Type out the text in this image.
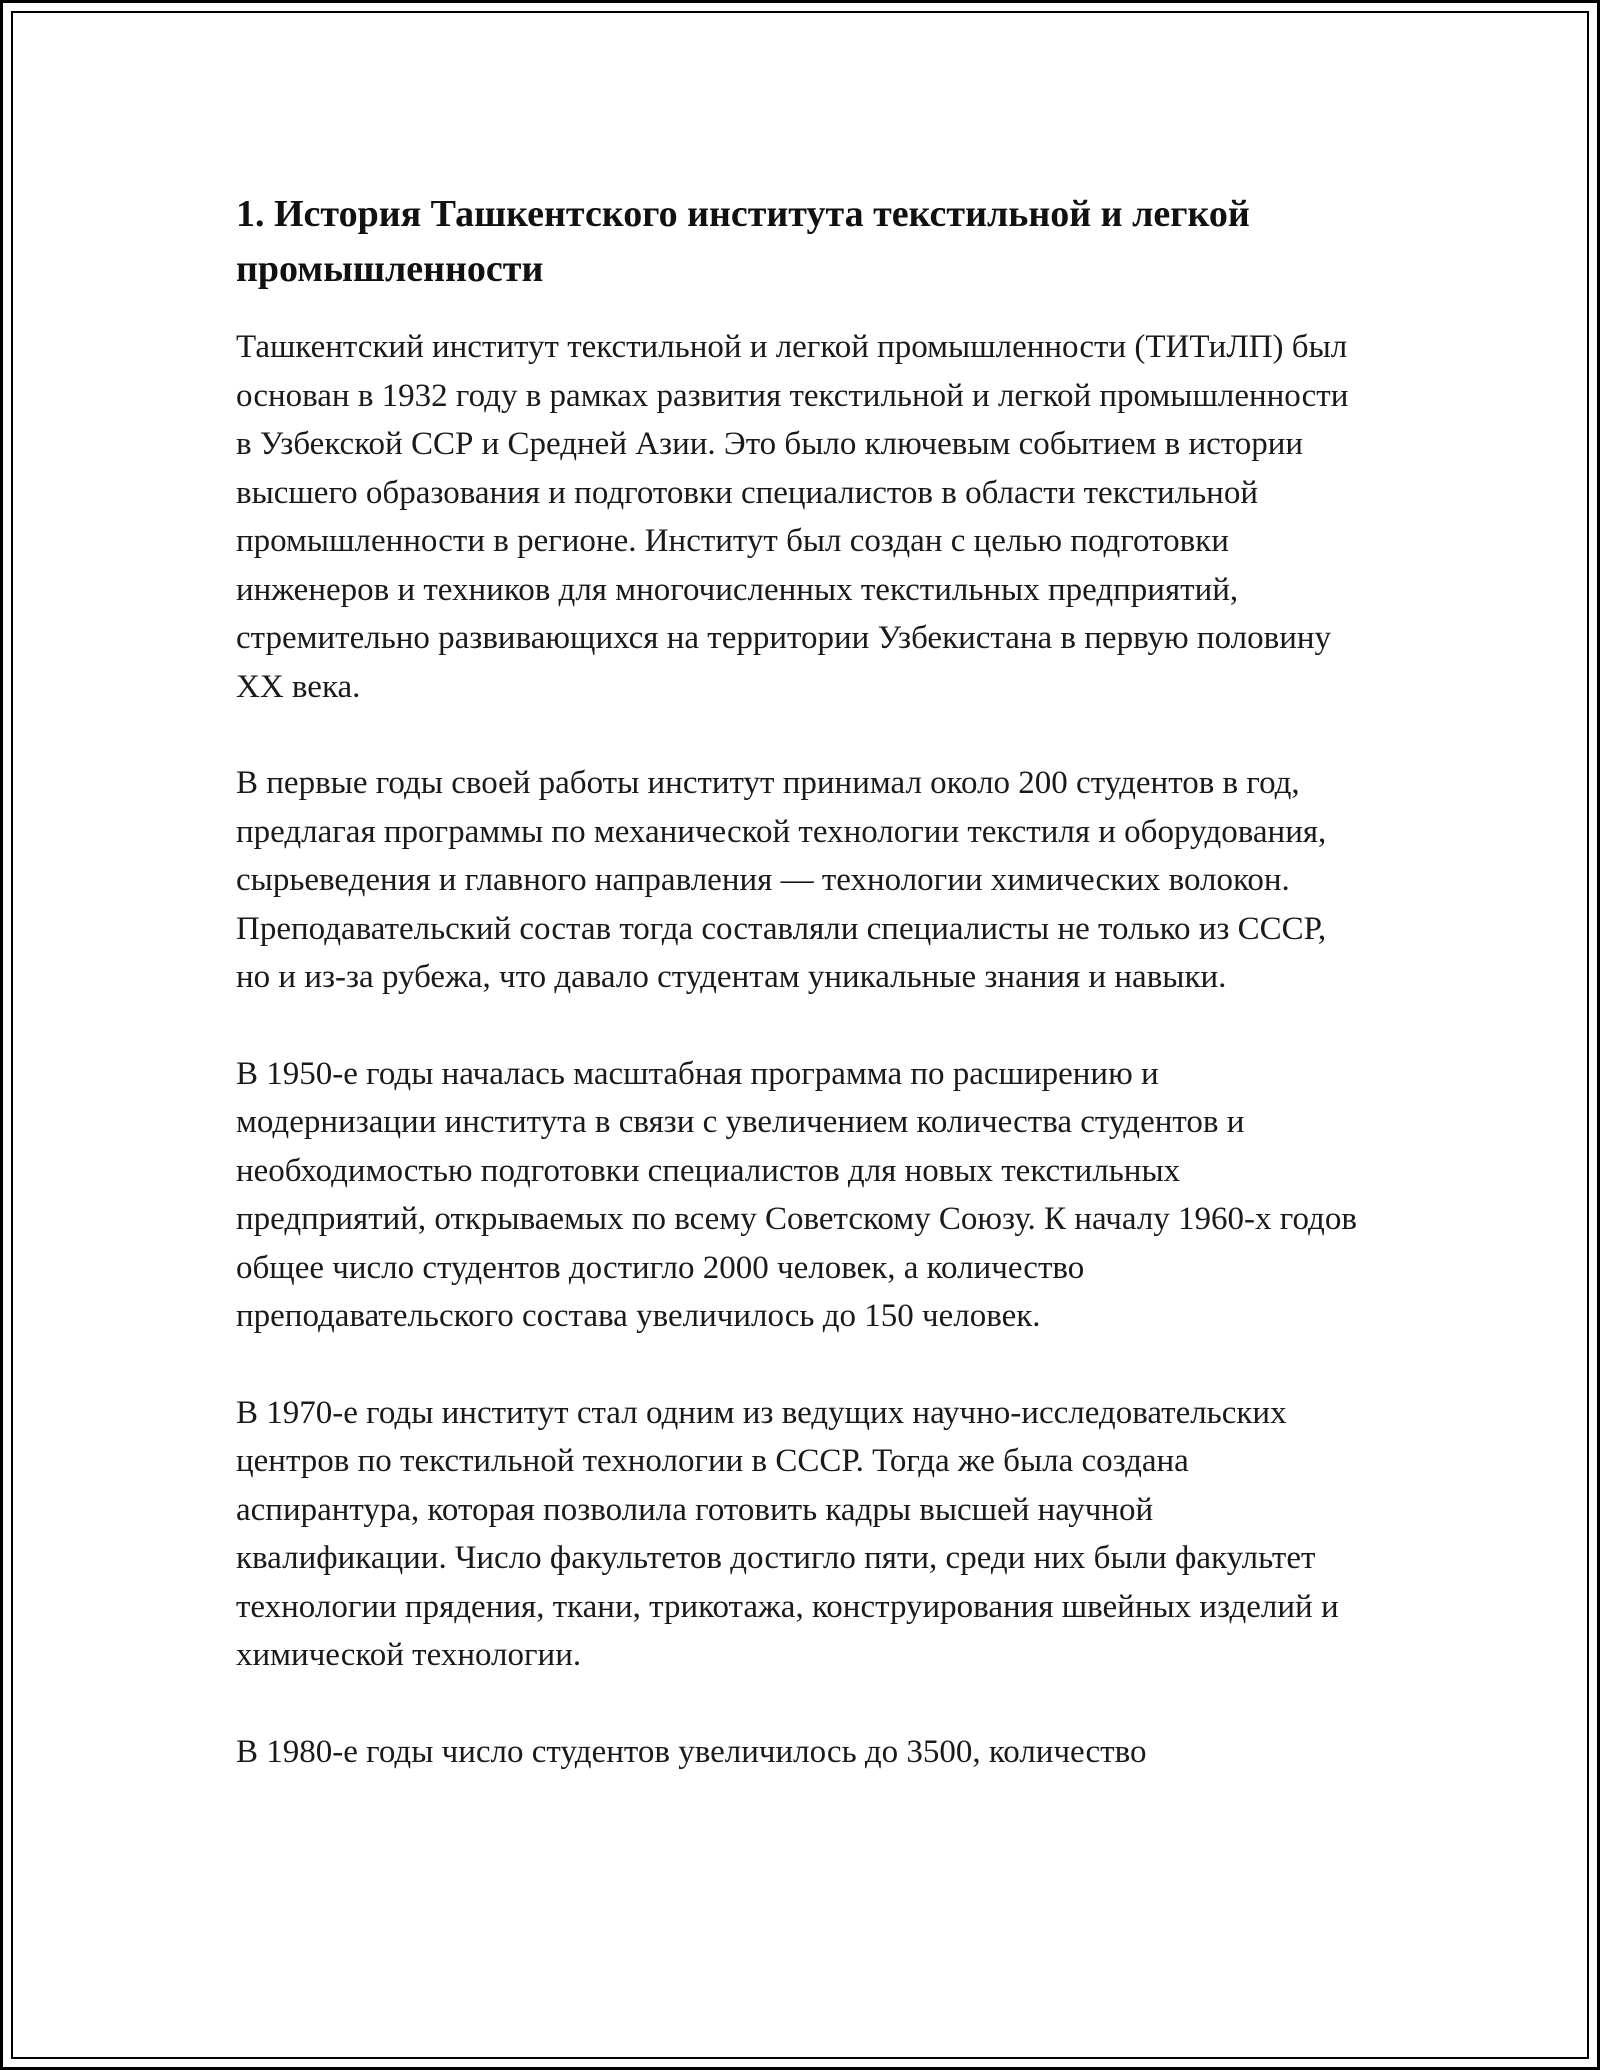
1. История Ташкентского института текстильной и легкой промышленности

Ташкентский институт текстильной и легкой промышленности (ТИТиЛП) был основан в 1932 году в рамках развития текстильной и легкой промышленности в Узбекской ССР и Средней Азии. Это было ключевым событием в истории высшего образования и подготовки специалистов в области текстильной промышленности в регионе. Институт был создан с целью подготовки инженеров и техников для многочисленных текстильных предприятий, стремительно развивающихся на территории Узбекистана в первую половину XX века.

В первые годы своей работы институт принимал около 200 студентов в год, предлагая программы по механической технологии текстиля и оборудования, сырьеведения и главного направления — технологии химических волокон. Преподавательский состав тогда составляли специалисты не только из СССР, но и из-за рубежа, что давало студентам уникальные знания и навыки.

В 1950-е годы началась масштабная программа по расширению и модернизации института в связи с увеличением количества студентов и необходимостью подготовки специалистов для новых текстильных предприятий, открываемых по всему Советскому Союзу. К началу 1960-х годов общее число студентов достигло 2000 человек, а количество преподавательского состава увеличилось до 150 человек.

В 1970-е годы институт стал одним из ведущих научно-исследовательских центров по текстильной технологии в СССР. Тогда же была создана аспирантура, которая позволила готовить кадры высшей научной квалификации. Число факультетов достигло пяти, среди них были факультет технологии прядения, ткани, трикотажа, конструирования швейных изделий и химической технологии.

В 1980-е годы число студентов увеличилось до 3500, количество
